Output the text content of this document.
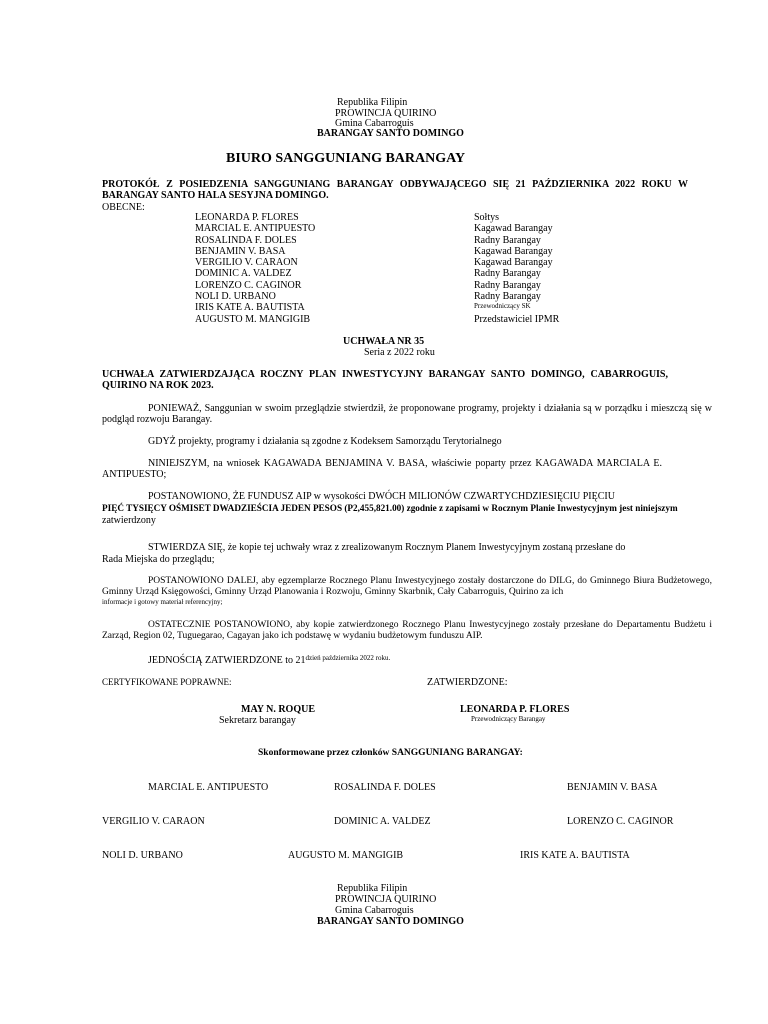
Republika Filipin
PROWINCJA QUIRINO
Gmina Cabarroguis
BARANGAY SANTO DOMINGO
BIURO SANGGUNIANG BARANGAY
PROTOKÓŁ Z POSIEDZENIA SANGGUNIANG BARANGAY ODBYWAJĄCEGO SIĘ 21 PAŹDZIERNIKA 2022 ROKU W BARANGAY SANTO HALA SESYJNA DOMINGO.
OBECNE:
LEONARDA P. FLORES	Sołtys
MARCIAL E. ANTIPUESTO	Kagawad Barangay
ROSALINDA F. DOLES	Radny Barangay
BENJAMIN V. BASA	Kagawad Barangay
VERGILIO V. CARAON	Kagawad Barangay
DOMINIC A. VALDEZ	Radny Barangay
LORENZO C. CAGINOR	Radny Barangay
NOLI D. URBANO	Radny Barangay
IRIS KATE A. BAUTISTA	Przewodniczący SK
AUGUSTO M. MANGIGIB	Przedstawiciel IPMR
UCHWAŁA NR 35
Seria z 2022 roku
UCHWAŁA ZATWIERDZAJĄCA ROCZNY PLAN INWESTYCYJNY BARANGAY SANTO DOMINGO, CABARROGUIS, QUIRINO NA ROK 2023.
PONIEWAŻ, Sanggunian w swoim przeglądzie stwierdził, że proponowane programy, projekty i działania są w porządku i mieszczą się w podgląd rozwoju Barangay.
GDYŻ projekty, programy i działania są zgodne z Kodeksem Samorządu Terytorialnego
NINIEJSZYM, na wniosek KAGAWADA BENJAMINA V. BASA, właściwie poparty przez KAGAWADA MARCIALA E. ANTIPUESTO;
POSTANOWIONO, ŻE FUNDUSZ AIP w wysokości DWÓCH MILIONÓW CZWARTYCHDZIESIĘCIU PIĘCIU
PIĘĆ TYSIĘCY OŚMISET DWADZIEŚCIA JEDEN PESOS (P2,455,821.00) zgodnie z zapisami w Rocznym Planie Inwestycyjnym jest niniejszym
zatwierdzony
STWIERDZA SIĘ, że kopie tej uchwały wraz z zrealizowanym Rocznym Planem Inwestycyjnym zostaną przesłane do
Rada Miejska do przeglądu;
POSTANOWIONO DALEJ, aby egzemplarze Rocznego Planu Inwestycyjnego zostały dostarczone do DILG, do Gminnego Biura Budżetowego, Gminny Urząd Księgowości, Gminny Urząd Planowania i Rozwoju, Gminny Skarbnik, Cały Cabarroguis, Quirino za ich
informacje i gotowy materiał referencyjny;
OSTATECZNIE POSTANOWIONO, aby kopie zatwierdzonego Rocznego Planu Inwestycyjnego zostały przesłane do Departamentu Budżetu i Zarząd, Region 02, Tuguegarao, Cagayan jako ich podstawę w wydaniu budżetowym funduszu AIP.
JEDNOŚCIĄ ZATWIERDZONE to $21^{dzień października 2022 roku.}$
CERTYFIKOWANE POPRAWNE:	ZATWIERDZONE:
MAY N. ROQUE
Sekretarz barangay
LEONARDA P. FLORES
Przewodniczący Barangay
Skonformowane przez członków SANGGUNIANG BARANGAY:
MARCIAL E. ANTIPUESTO	ROSALINDA F. DOLES	BENJAMIN V. BASA
VERGILIO V. CARAON	DOMINIC A. VALDEZ	LORENZO C. CAGINOR
NOLI D. URBANO	AUGUSTO M. MANGIGIB	IRIS KATE A. BAUTISTA
Republika Filipin
PROWINCJA QUIRINO
Gmina Cabarroguis
BARANGAY SANTO DOMINGO
